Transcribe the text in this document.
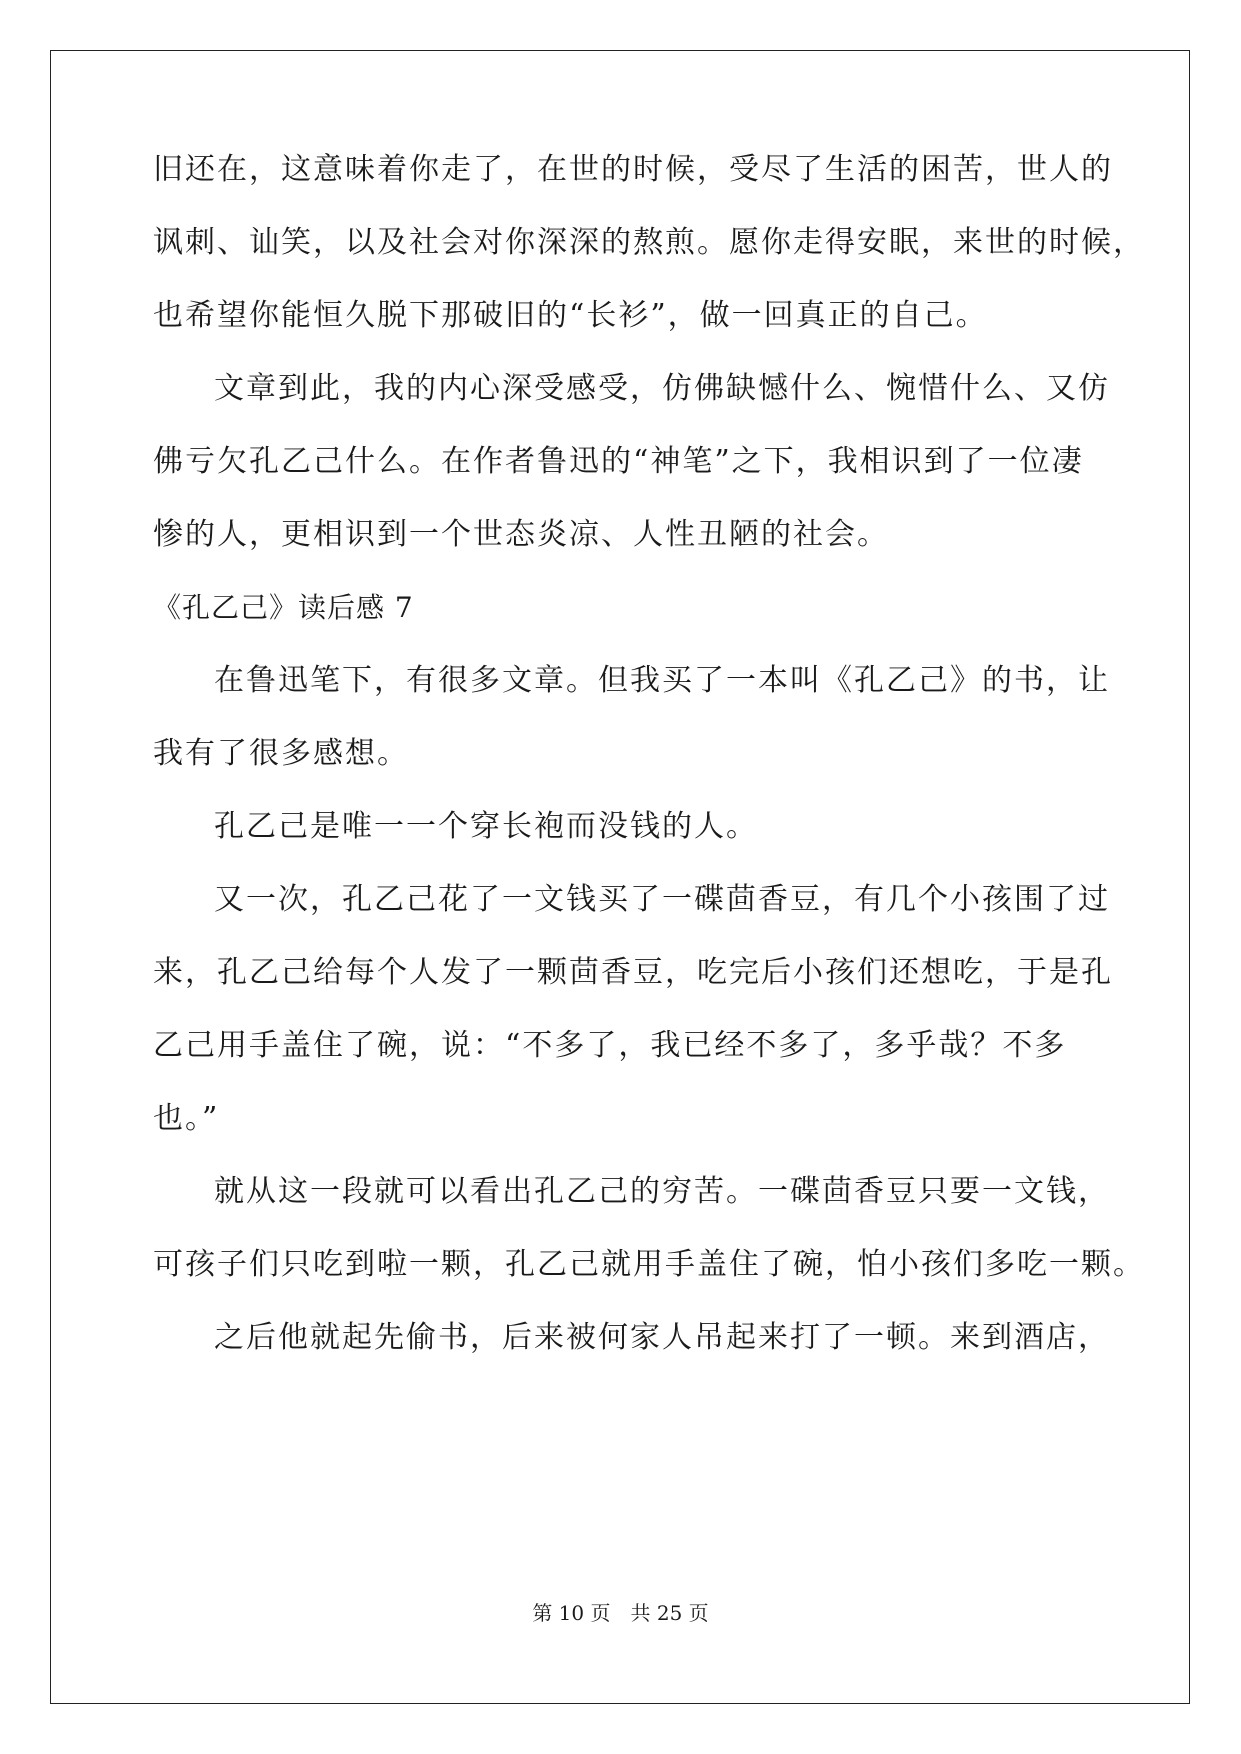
旧还在，这意味着你走了，在世的时候，受尽了生活的困苦，世人的

讽刺、讪笑，以及社会对你深深的熬煎。愿你走得安眠，来世的时候，

也希望你能恒久脱下那破旧的“长衫”，做一回真正的自己。

文章到此，我的内心深受感受，仿佛缺憾什么、惋惜什么、又仿

佛亏欠孔乙己什么。在作者鲁迅的“神笔”之下，我相识到了一位凄

惨的人，更相识到一个世态炎凉、人性丑陋的社会。

《孔乙己》读后感 7

在鲁迅笔下，有很多文章。但我买了一本叫《孔乙己》的书，让

我有了很多感想。

孔乙己是唯一一个穿长袍而没钱的人。

又一次，孔乙己花了一文钱买了一碟茴香豆，有几个小孩围了过

来，孔乙己给每个人发了一颗茴香豆，吃完后小孩们还想吃，于是孔

乙己用手盖住了碗，说：“不多了，我已经不多了，多乎哉？不多

也。”

就从这一段就可以看出孔乙己的穷苦。一碟茴香豆只要一文钱，

可孩子们只吃到啦一颗，孔乙己就用手盖住了碗，怕小孩们多吃一颗。

之后他就起先偷书，后来被何家人吊起来打了一顿。来到酒店，

第 10 页　共 25 页
